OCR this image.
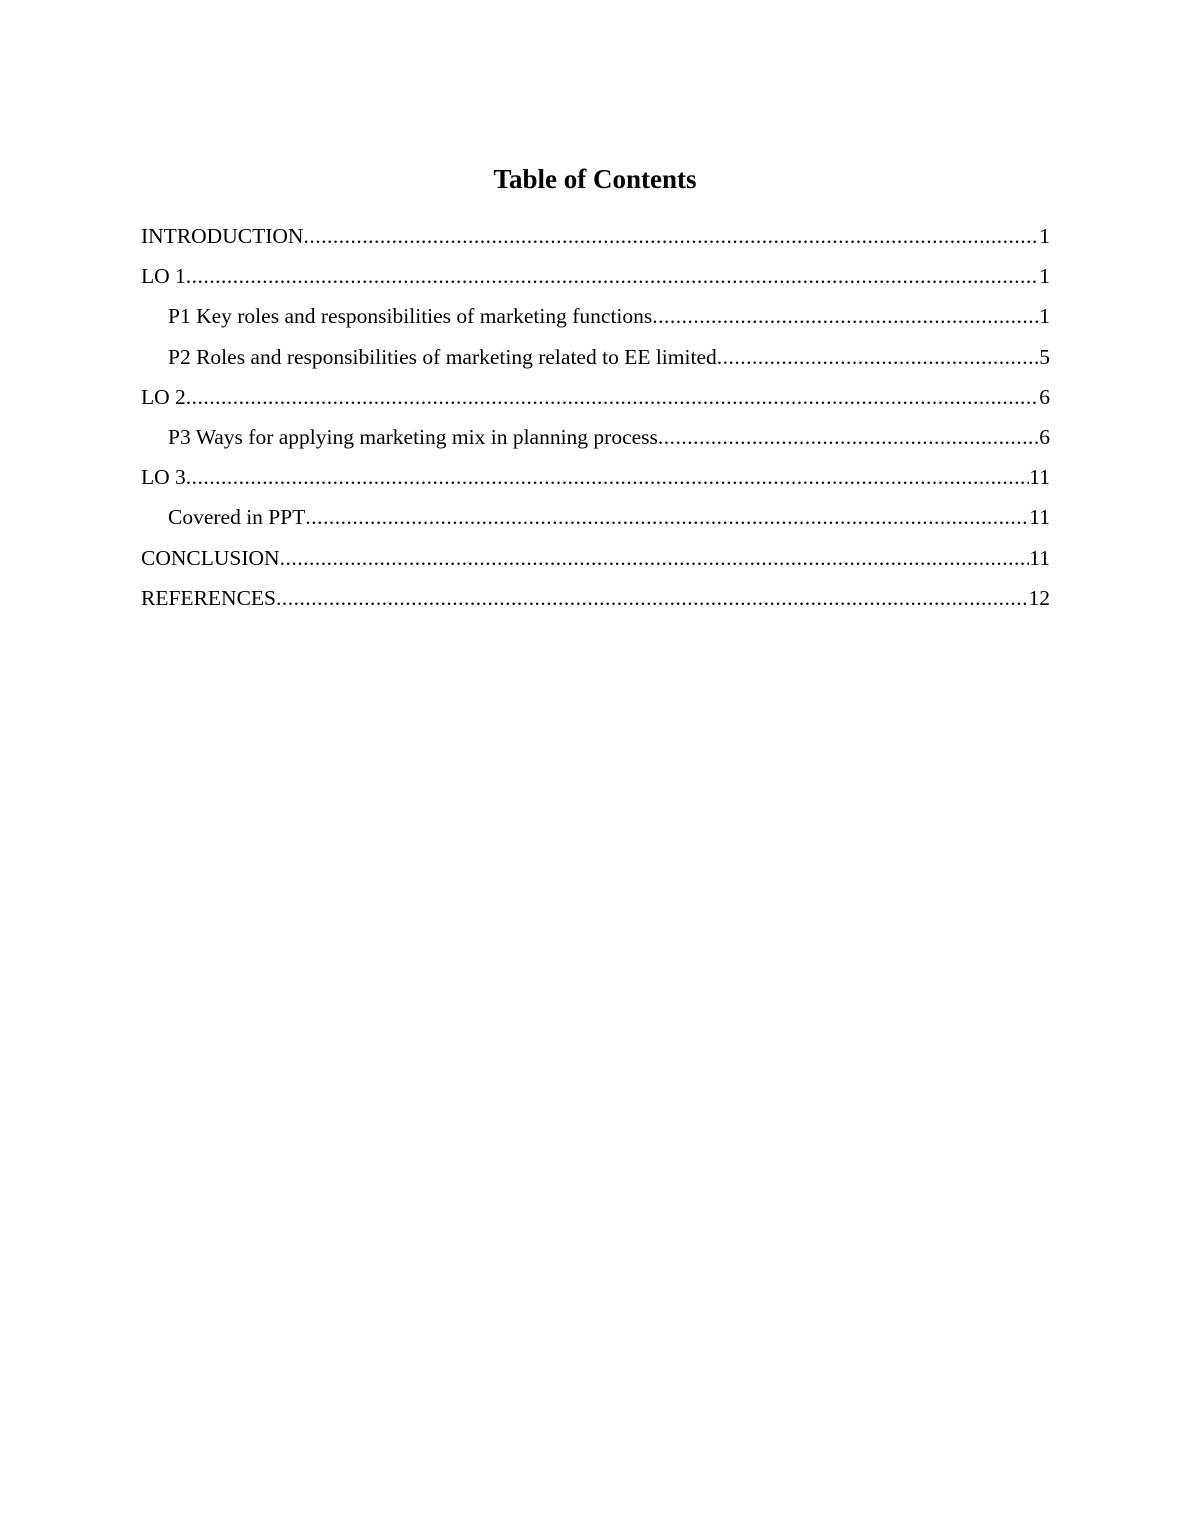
Table of Contents
INTRODUCTION .....	1
LO 1 .....	1
P1 Key roles and responsibilities of marketing functions .....	1
P2 Roles and responsibilities of marketing related to EE limited .....	5
LO 2 .....	6
P3 Ways for applying marketing mix in planning process .....	6
LO 3 .....	11
Covered in PPT .....	11
CONCLUSION .....	11
REFERENCES .....	12
